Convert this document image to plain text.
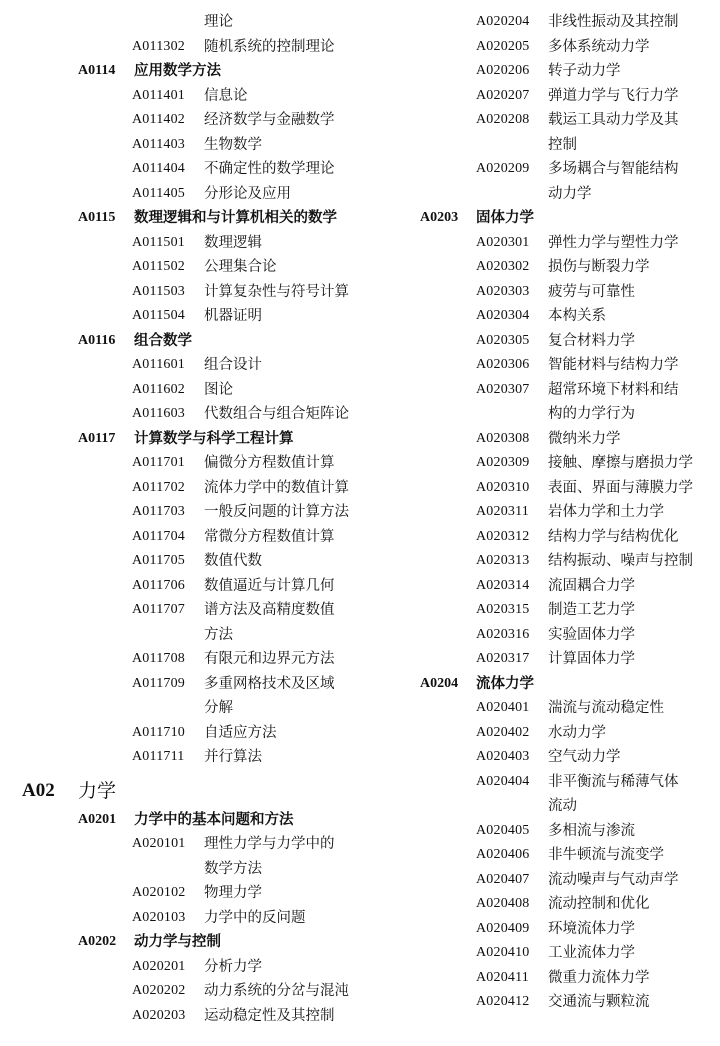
理论
A011302	随机系统的控制理论
A0114	应用数学方法
A011401	信息论
A011402	经济数学与金融数学
A011403	生物数学
A011404	不确定性的数学理论
A011405	分形论及应用
A0115	数理逻辑和与计算机相关的数学
A011501	数理逻辑
A011502	公理集合论
A011503	计算复杂性与符号计算
A011504	机器证明
A0116	组合数学
A011601	组合设计
A011602	图论
A011603	代数组合与组合矩阵论
A0117	计算数学与科学工程计算
A011701	偏微分方程数值计算
A011702	流体力学中的数值计算
A011703	一般反问题的计算方法
A011704	常微分方程数值计算
A011705	数值代数
A011706	数值逼近与计算几何
A011707	谱方法及高精度数值
方法
A011708	有限元和边界元方法
A011709	多重网格技术及区域
分解
A011710	自适应方法
A011711	并行算法
A02	力学
A0201	力学中的基本问题和方法
A020101	理性力学与力学中的
数学方法
A020102	物理力学
A020103	力学中的反问题
A0202	动力学与控制
A020201	分析力学
A020202	动力系统的分岔与混沌
A020203	运动稳定性及其控制
A020204	非线性振动及其控制
A020205	多体系统动力学
A020206	转子动力学
A020207	弹道力学与飞行力学
A020208	载运工具动力学及其
控制
A020209	多场耦合与智能结构
动力学
A0203	固体力学
A020301	弹性力学与塑性力学
A020302	损伤与断裂力学
A020303	疲劳与可靠性
A020304	本构关系
A020305	复合材料力学
A020306	智能材料与结构力学
A020307	超常环境下材料和结
构的力学行为
A020308	微纳米力学
A020309	接触、摩擦与磨损力学
A020310	表面、界面与薄膜力学
A020311	岩体力学和土力学
A020312	结构力学与结构优化
A020313	结构振动、噪声与控制
A020314	流固耦合力学
A020315	制造工艺力学
A020316	实验固体力学
A020317	计算固体力学
A0204	流体力学
A020401	湍流与流动稳定性
A020402	水动力学
A020403	空气动力学
A020404	非平衡流与稀薄气体
流动
A020405	多相流与渗流
A020406	非牛顿流与流变学
A020407	流动噪声与气动声学
A020408	流动控制和优化
A020409	环境流体力学
A020410	工业流体力学
A020411	微重力流体力学
A020412	交通流与颗粒流
